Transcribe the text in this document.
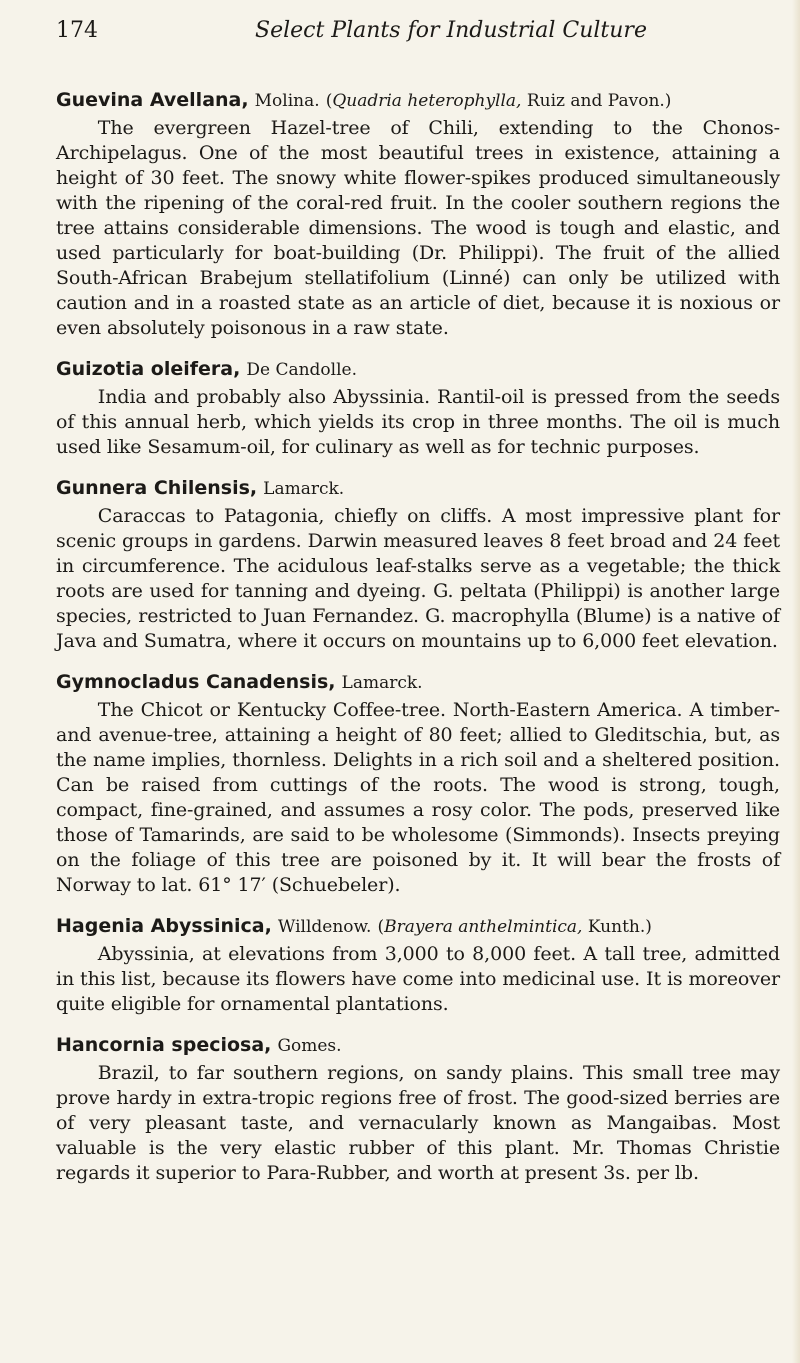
174	Select Plants for Industrial Culture
Guevina Avellana, Molina. (Quadria heterophylla, Ruiz and Pavon.)

The evergreen Hazel-tree of Chili, extending to the Chonos-Archipelagus. One of the most beautiful trees in existence, attaining a height of 30 feet. The snowy white flower-spikes produced simultaneously with the ripening of the coral-red fruit. In the cooler southern regions the tree attains considerable dimensions. The wood is tough and elastic, and used particularly for boat-building (Dr. Philippi). The fruit of the allied South-African Brabejum stellatifolium (Linné) can only be utilized with caution and in a roasted state as an article of diet, because it is noxious or even absolutely poisonous in a raw state.

Guizotia oleifera, De Candolle.

India and probably also Abyssinia. Rantil-oil is pressed from the seeds of this annual herb, which yields its crop in three months. The oil is much used like Sesamum-oil, for culinary as well as for technic purposes.

Gunnera Chilensis, Lamarck.

Caraccas to Patagonia, chiefly on cliffs. A most impressive plant for scenic groups in gardens. Darwin measured leaves 8 feet broad and 24 feet in circumference. The acidulous leaf-stalks serve as a vegetable; the thick roots are used for tanning and dyeing. G. peltata (Philippi) is another large species, restricted to Juan Fernandez. G. macrophylla (Blume) is a native of Java and Sumatra, where it occurs on mountains up to 6,000 feet elevation.

Gymnocladus Canadensis, Lamarck.

The Chicot or Kentucky Coffee-tree. North-Eastern America. A timber- and avenue-tree, attaining a height of 80 feet; allied to Gleditschia, but, as the name implies, thornless. Delights in a rich soil and a sheltered position. Can be raised from cuttings of the roots. The wood is strong, tough, compact, fine-grained, and assumes a rosy color. The pods, preserved like those of Tamarinds, are said to be wholesome (Simmonds). Insects preying on the foliage of this tree are poisoned by it. It will bear the frosts of Norway to lat. 61° 17′ (Schuebeler).

Hagenia Abyssinica, Willdenow. (Brayera anthelmintica, Kunth.)

Abyssinia, at elevations from 3,000 to 8,000 feet. A tall tree, admitted in this list, because its flowers have come into medicinal use. It is moreover quite eligible for ornamental plantations.

Hancornia speciosa, Gomes.

Brazil, to far southern regions, on sandy plains. This small tree may prove hardy in extra-tropic regions free of frost. The good-sized berries are of very pleasant taste, and vernacularly known as Mangaibas. Most valuable is the very elastic rubber of this plant. Mr. Thomas Christie regards it superior to Para-Rubber, and worth at present 3s. per lb.
